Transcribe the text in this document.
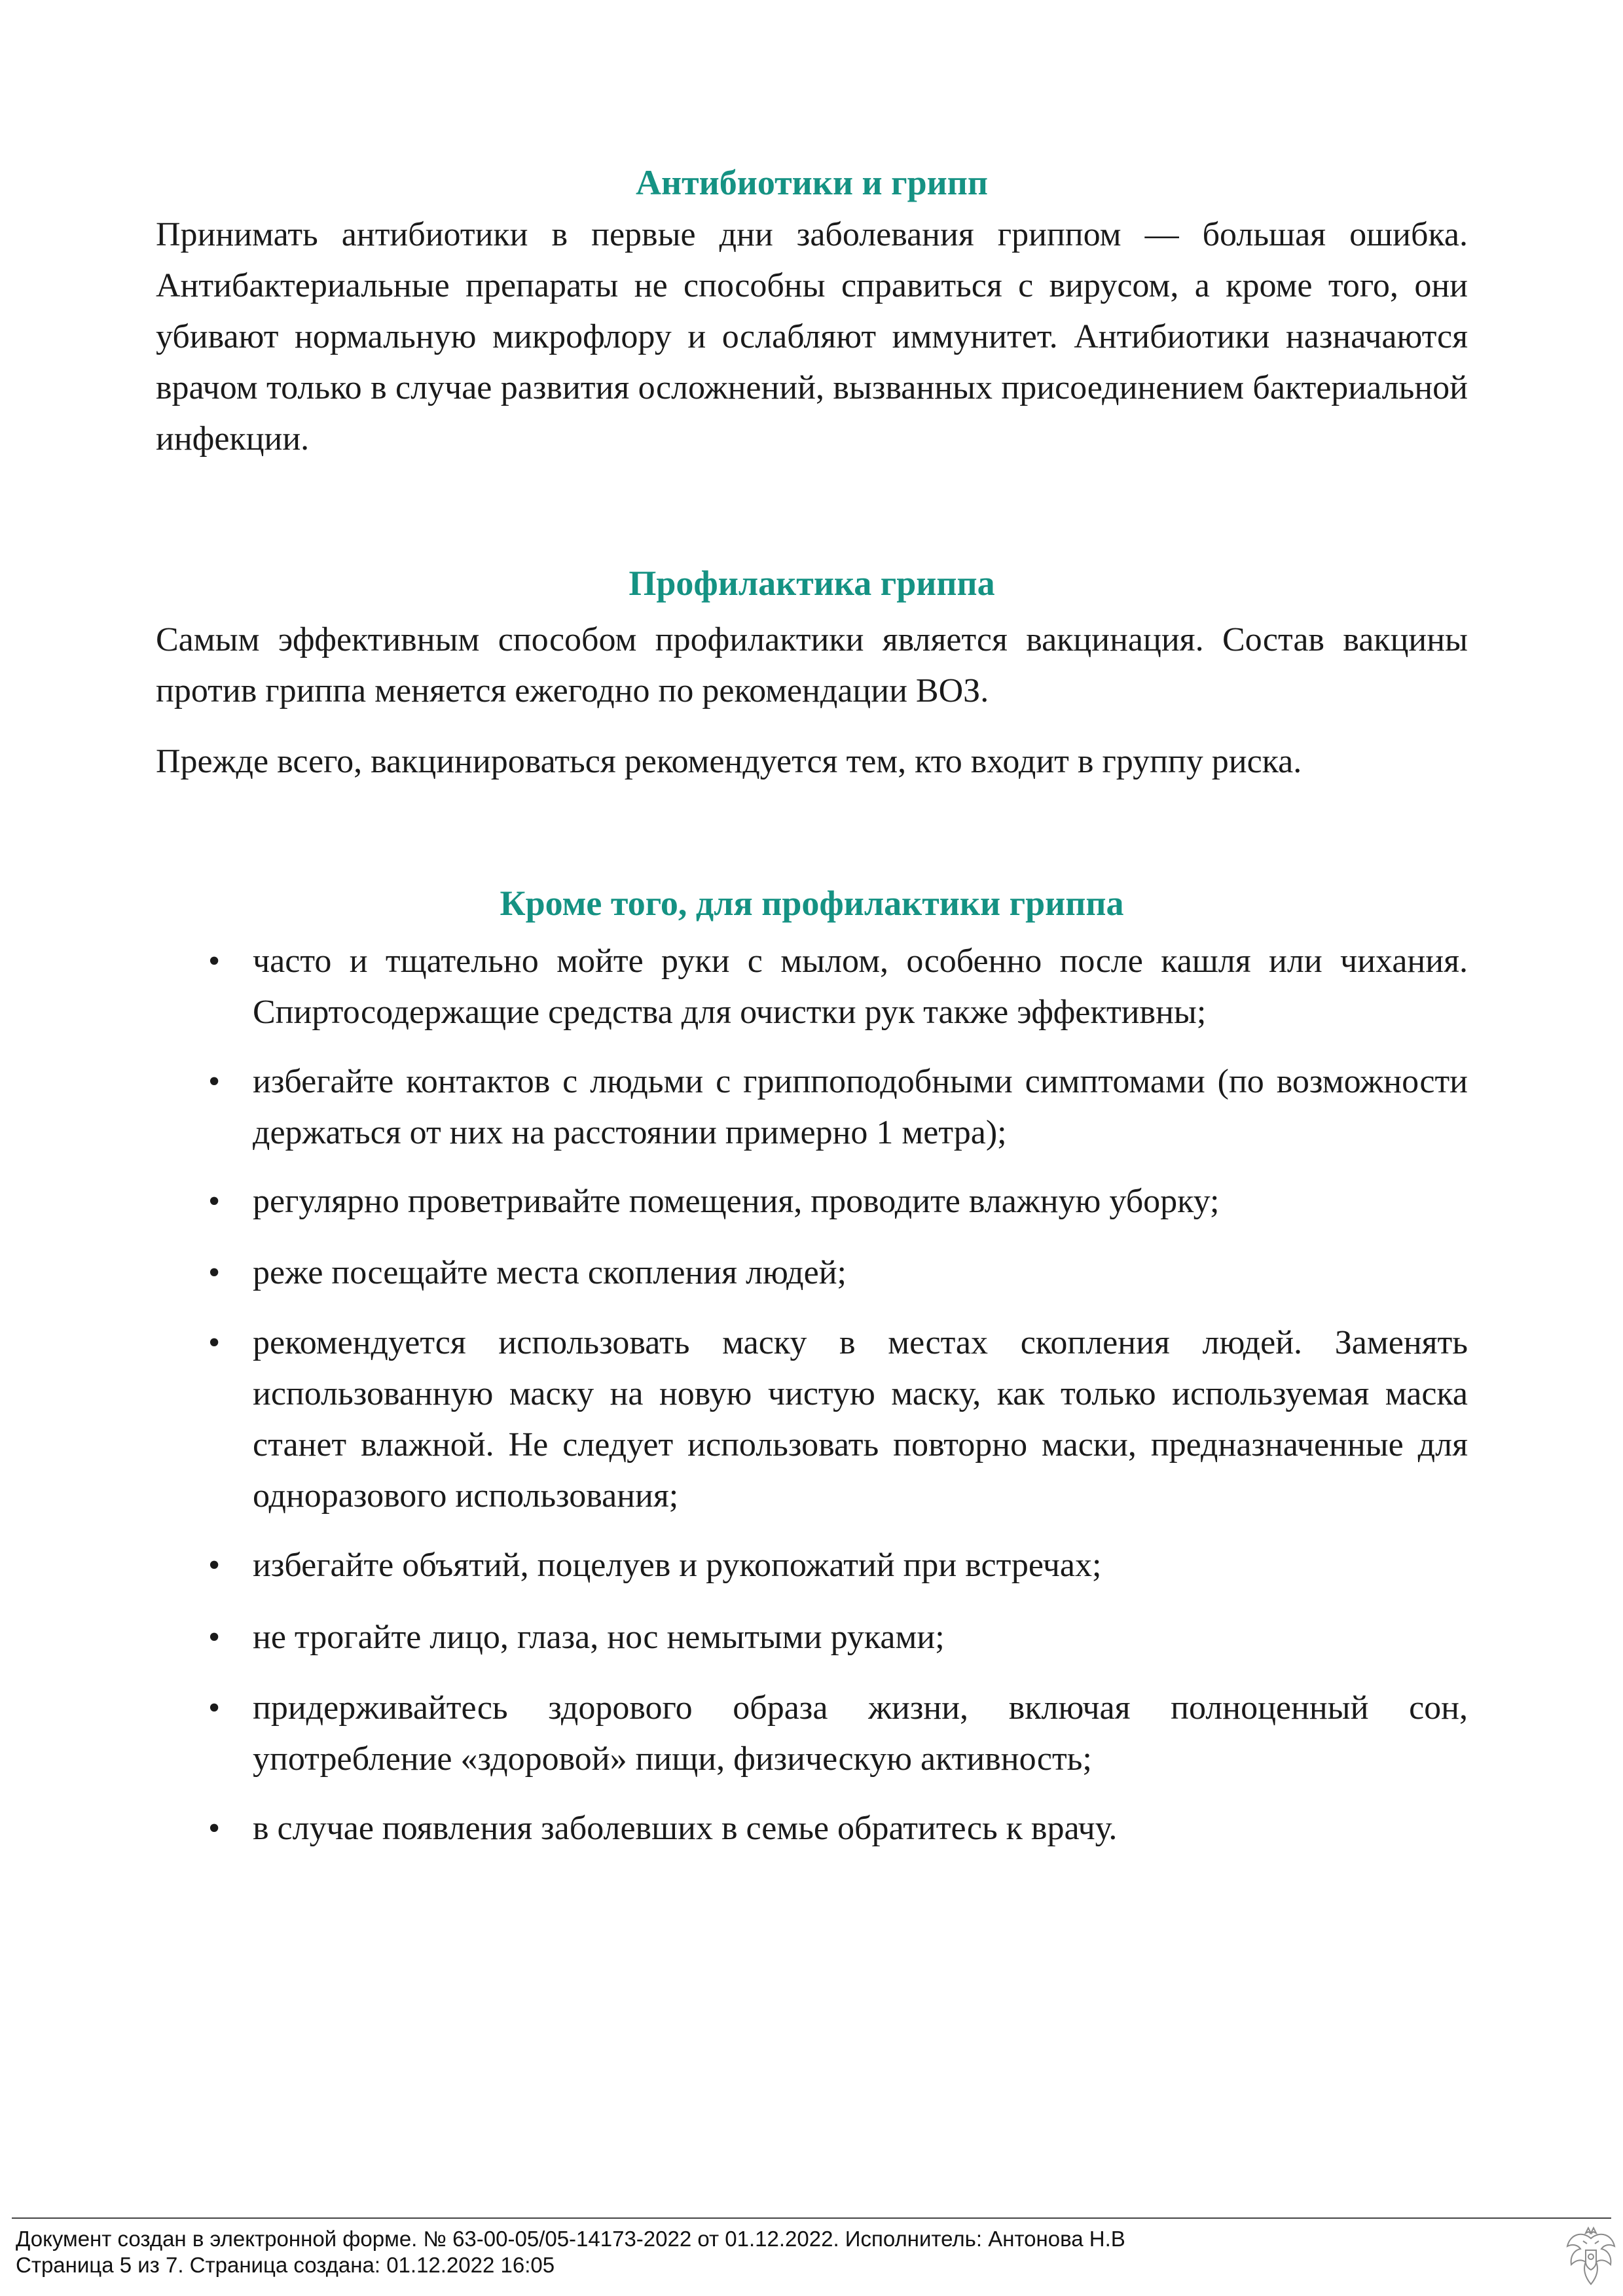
Антибиотики и грипп

Принимать антибиотики в первые дни заболевания гриппом — большая ошибка. Антибактериальные препараты не способны справиться с вирусом, а кроме того, они убивают нормальную микрофлору и ослабляют иммунитет. Антибиотики назначаются врачом только в случае развития осложнений, вызванных присоединением бактериальной инфекции.

Профилактика гриппа

Самым эффективным способом профилактики является вакцинация. Состав вакцины против гриппа меняется ежегодно по рекомендации ВОЗ.

Прежде всего, вакцинироваться рекомендуется тем, кто входит в группу риска.

Кроме того, для профилактики гриппа
• часто и тщательно мойте руки с мылом, особенно после кашля или чихания. Спиртосодержащие средства для очистки рук также эффективны;
• избегайте контактов с людьми с гриппоподобными симптомами (по возможности держаться от них на расстоянии примерно 1 метра);
• регулярно проветривайте помещения, проводите влажную уборку;
• реже посещайте места скопления людей;
• рекомендуется использовать маску в местах скопления людей. Заменять использованную маску на новую чистую маску, как только используемая маска станет влажной. Не следует использовать повторно маски, предназначенные для одноразового использования;
• избегайте объятий, поцелуев и рукопожатий при встречах;
• не трогайте лицо, глаза, нос немытыми руками;
• придерживайтесь здорового образа жизни, включая полноценный сон, употребление «здоровой» пищи, физическую активность;
• в случае появления заболевших в семье обратитесь к врачу.
Документ создан в электронной форме. № 63-00-05/05-14173-2022 от 01.12.2022. Исполнитель: Антонова Н.В
Страница 5 из 7. Страница создана: 01.12.2022 16:05
